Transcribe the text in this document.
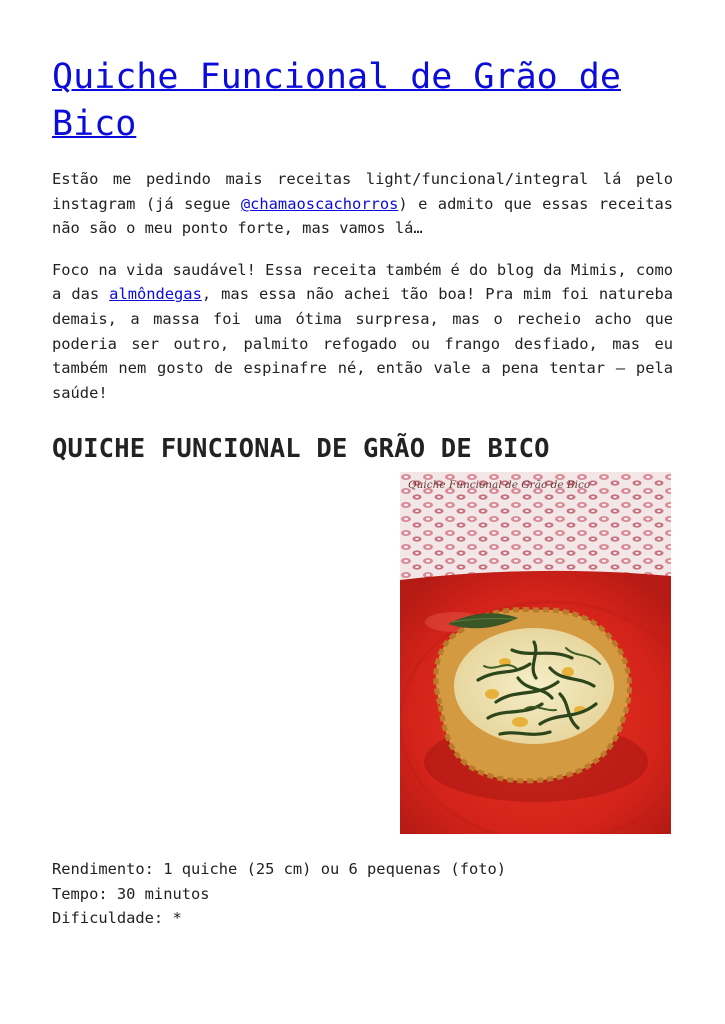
Quiche Funcional de Grão de Bico

Estão me pedindo mais receitas light/funcional/integral lá pelo instagram (já segue @chamaoscachorros) e admito que essas receitas não são o meu ponto forte, mas vamos lá…

Foco na vida saudável! Essa receita também é do blog da Mimis, como a das almôndegas, mas essa não achei tão boa! Pra mim foi natureba demais, a massa foi uma ótima surpresa, mas o recheio acho que poderia ser outro, palmito refogado ou frango desfiado, mas eu também nem gosto de espinafre né, então vale a pena tentar – pela saúde!

QUICHE FUNCIONAL DE GRÃO DE BICO
Quiche Funcional de Grão de Bico
Rendimento: 1 quiche (25 cm) ou 6 pequenas (foto)
Tempo: 30 minutos
Dificuldade: *
